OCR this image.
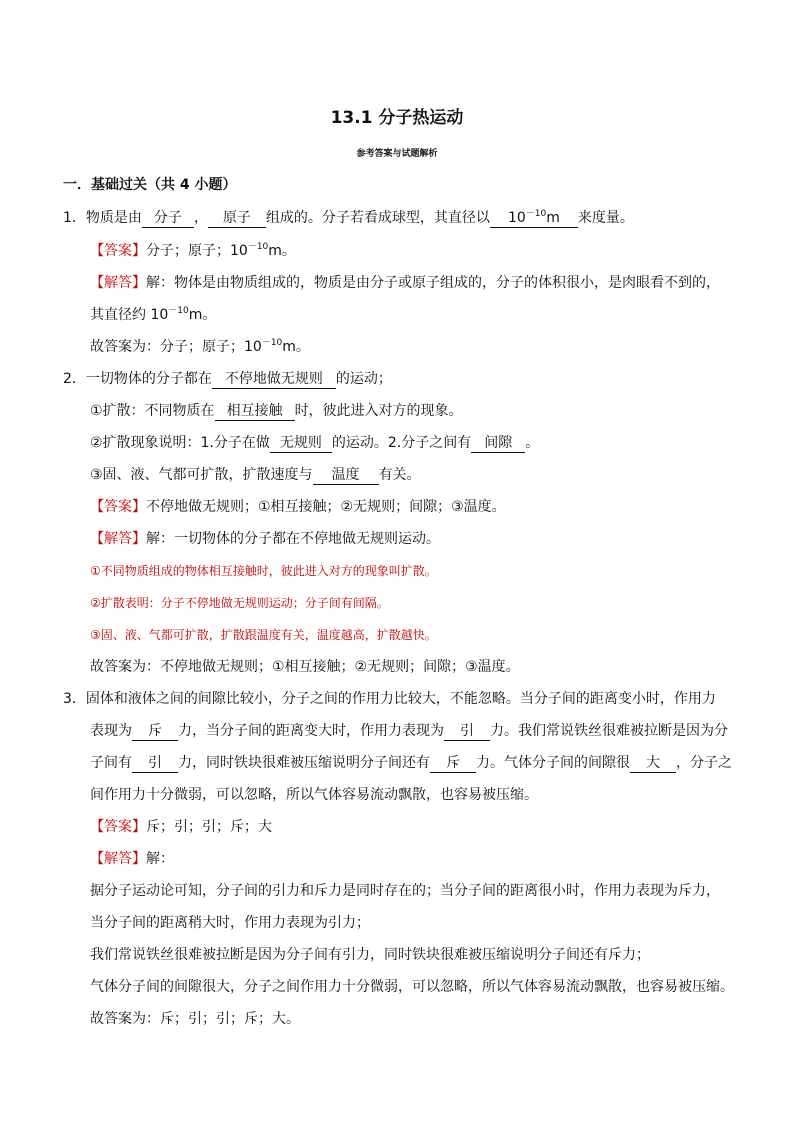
13.1 分子热运动
参考答案与试题解析
一．基础过关（共 4 小题）
1．物质是由 分子 ， 原子 组成的。分子若看成球型，其直径以 $10^{-10}m$ 来度量。
【答案】分子；原子；$10^{-10}m$。
【解答】解：物体是由物质组成的，物质是由分子或原子组成的，分子的体积很小，是肉眼看不到的，
其直径约 $10^{-10}m$。
故答案为：分子；原子；$10^{-10}m$。
2．一切物体的分子都在 不停地做无规则 的运动；
①扩散：不同物质在 相互接触 时，彼此进入对方的现象。
②扩散现象说明：1.分子在做 无规则 的运动。2.分子之间有 间隙 。
③固、液、气都可扩散，扩散速度与 温度 有关。
【答案】不停地做无规则；①相互接触；②无规则；间隙；③温度。
【解答】解：一切物体的分子都在不停地做无规则运动。
①不同物质组成的物体相互接触时，彼此进入对方的现象叫扩散。
②扩散表明：分子不停地做无规则运动；分子间有间隔。
③固、液、气都可扩散，扩散跟温度有关，温度越高，扩散越快。
故答案为：不停地做无规则；①相互接触；②无规则；间隙；③温度。
3．固体和液体之间的间隙比较小，分子之间的作用力比较大，不能忽略。当分子间的距离变小时，作用力
表现为 斥 力，当分子间的距离变大时，作用力表现为 引 力。我们常说铁丝很难被拉断是因为分
子间有 引 力，同时铁块很难被压缩说明分子间还有 斥 力。气体分子间的间隙很 大 ，分子之
间作用力十分微弱，可以忽略，所以气体容易流动飘散，也容易被压缩。
【答案】斥；引；引；斥；大
【解答】解：
据分子运动论可知，分子间的引力和斥力是同时存在的；当分子间的距离很小时，作用力表现为斥力，
当分子间的距离稍大时，作用力表现为引力；
我们常说铁丝很难被拉断是因为分子间有引力，同时铁块很难被压缩说明分子间还有斥力；
气体分子间的间隙很大，分子之间作用力十分微弱，可以忽略，所以气体容易流动飘散，也容易被压缩。
故答案为：斥；引；引；斥；大。
